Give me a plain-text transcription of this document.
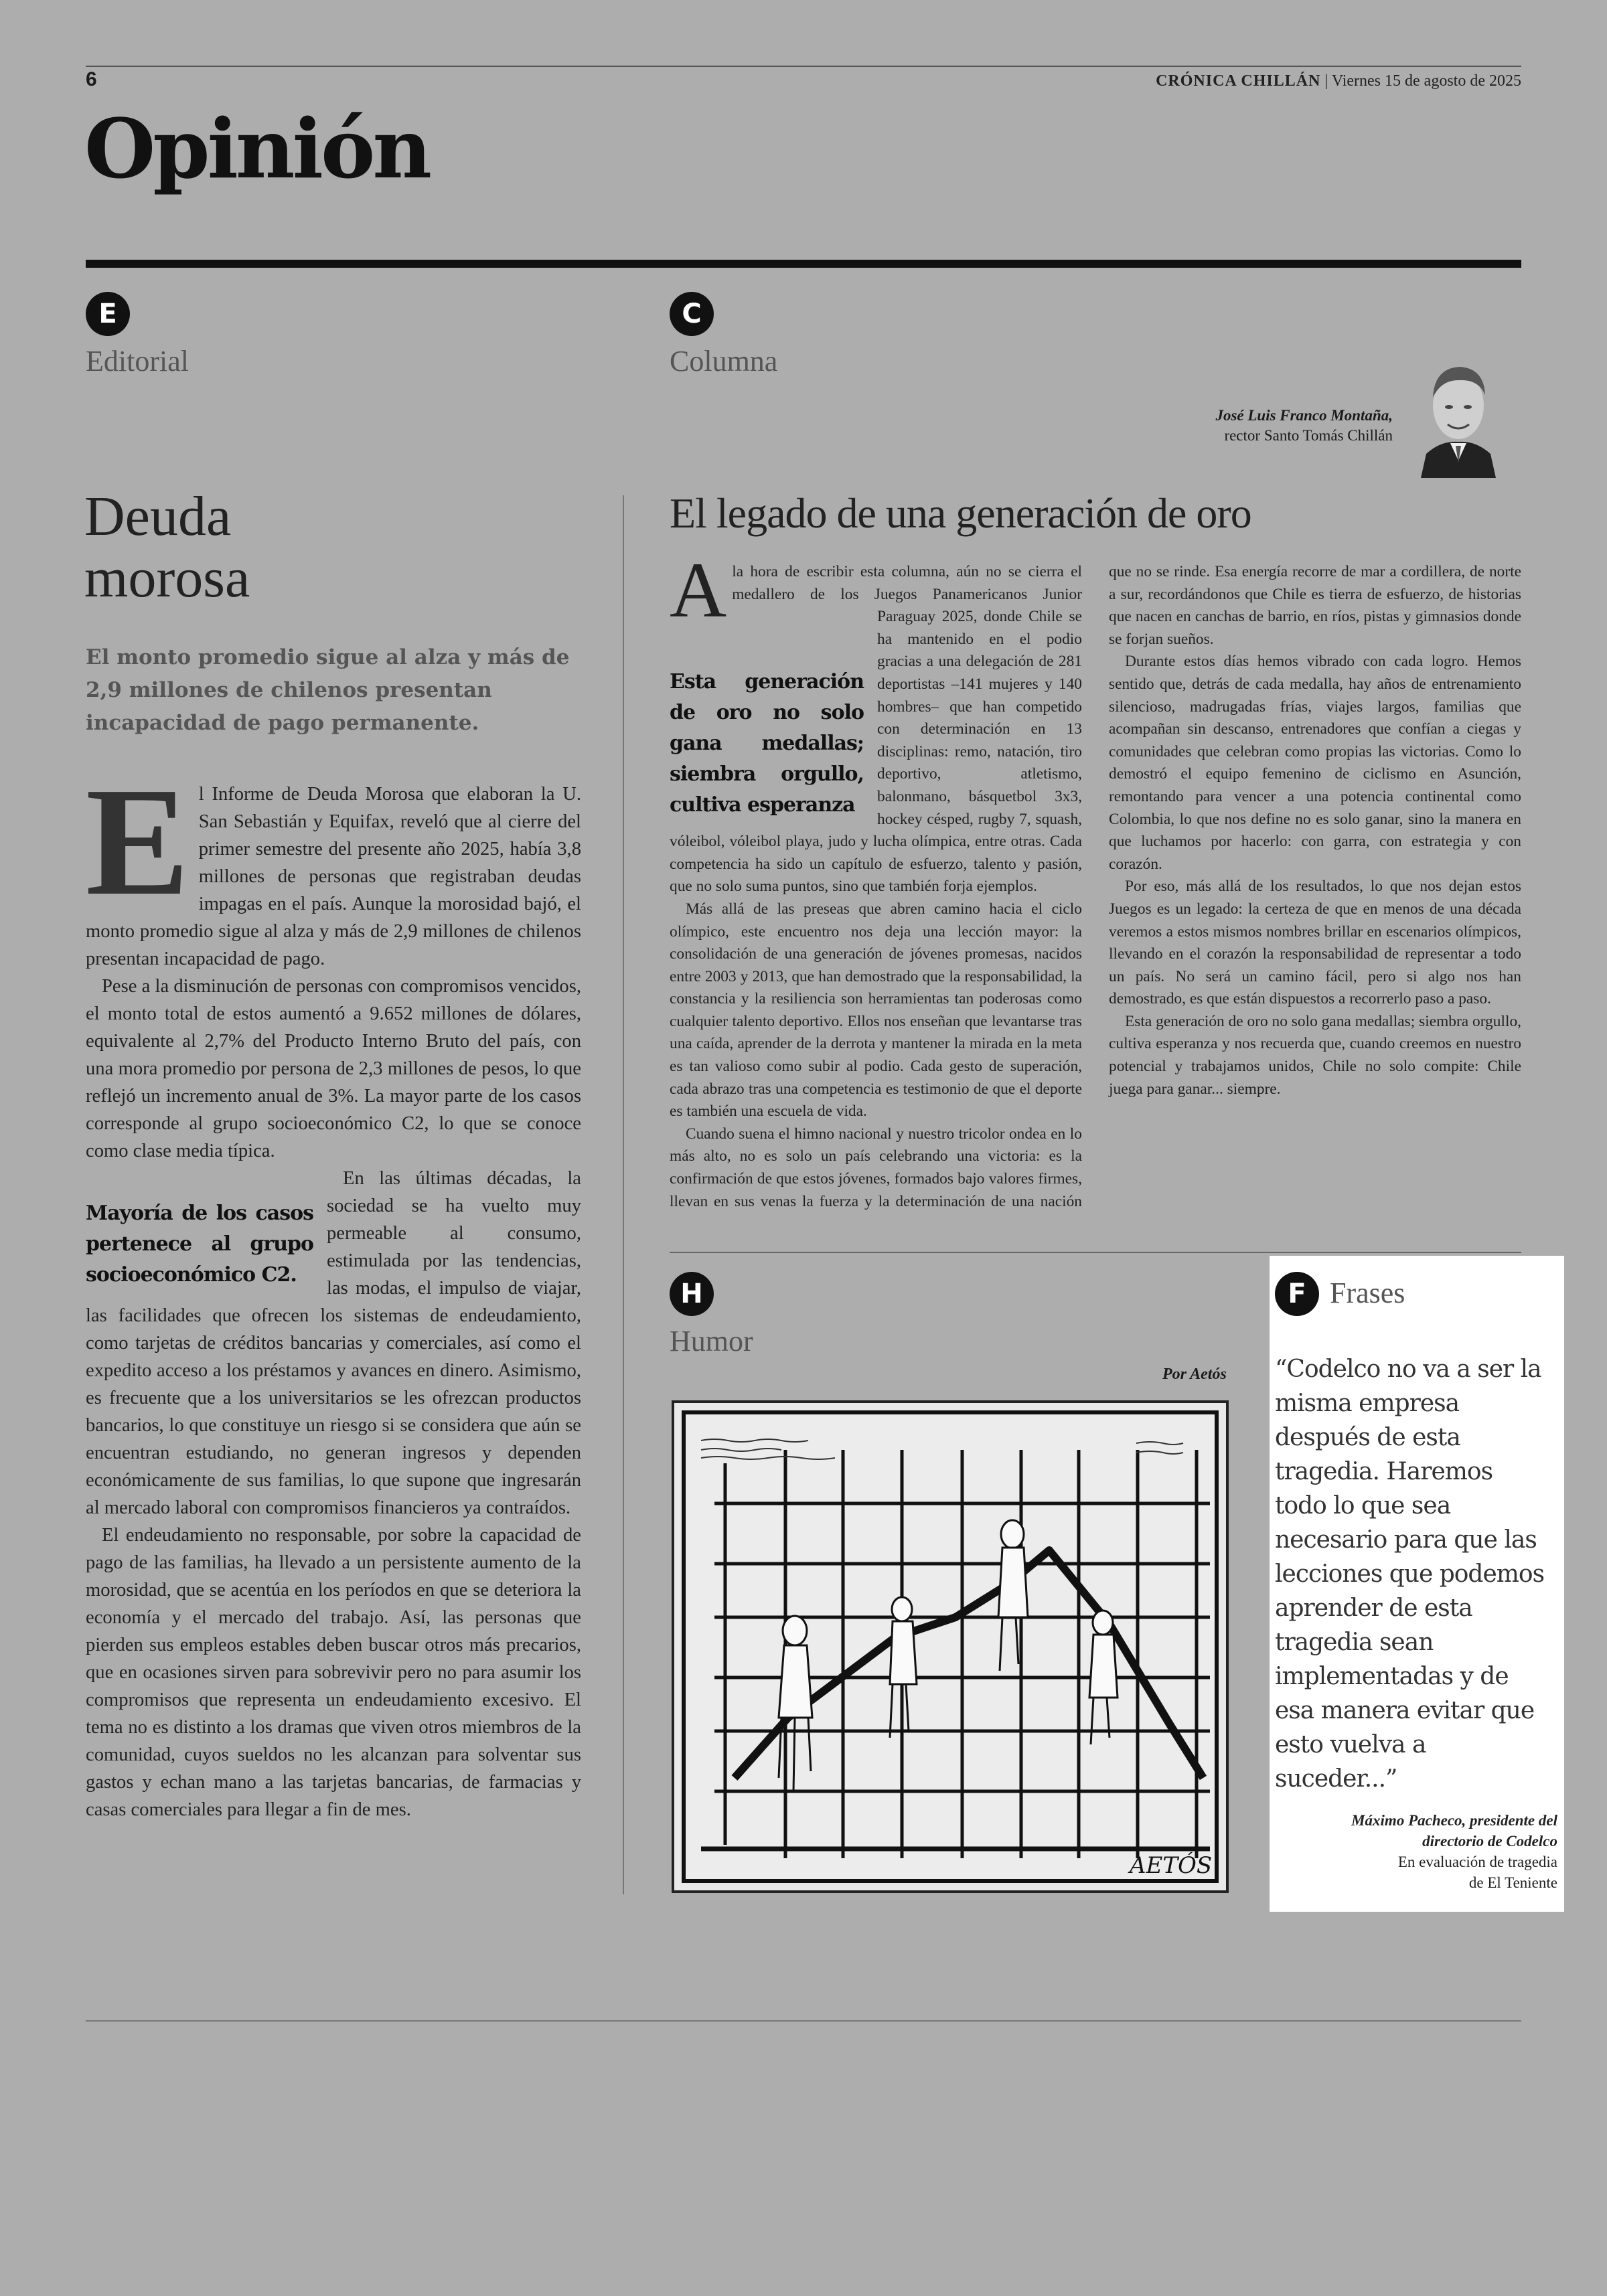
6	CRÓNICA CHILLÁN | Viernes 15 de agosto de 2025
Opinión
E
Editorial
C
Columna
José Luis Franco Montaña,
rector Santo Tomás Chillán
Deuda
morosa
El monto promedio sigue al alza y más de 2,9 millones de chilenos presentan incapacidad de pago permanente.

El Informe de Deuda Morosa que elaboran la U. San Sebastián y Equifax, reveló que al cierre del primer semestre del presente año 2025, había 3,8 millones de personas que registraban deudas impagas en el país. Aunque la morosidad bajó, el monto promedio sigue al alza y más de 2,9 millones de chilenos presentan incapacidad de pago.

Pese a la disminución de personas con compromisos vencidos, el monto total de estos aumentó a 9.652 millones de dólares, equivalente al 2,7% del Producto Interno Bruto del país, con una mora promedio por persona de 2,3 millones de pesos, lo que reflejó un incremento anual de 3%. La mayor parte de los casos corresponde al grupo socioeconómico C2, lo que se conoce como clase media típica.

Mayoría de los casos pertenece al grupo socioeconómico C2.
En las últimas décadas, la sociedad se ha vuelto muy permeable al consumo, estimulada por las tendencias, las modas, el impulso de viajar, las facilidades que ofrecen los sistemas de endeudamiento, como tarjetas de créditos bancarias y comerciales, así como el expedito acceso a los préstamos y avances en dinero. Asimismo, es frecuente que a los universitarios se les ofrezcan productos bancarios, lo que constituye un riesgo si se considera que aún se encuentran estudiando, no generan ingresos y dependen económicamente de sus familias, lo que supone que ingresarán al mercado laboral con compromisos financieros ya contraídos.

El endeudamiento no responsable, por sobre la capacidad de pago de las familias, ha llevado a un persistente aumento de la morosidad, que se acentúa en los períodos en que se deteriora la economía y el mercado del trabajo. Así, las personas que pierden sus empleos estables deben buscar otros más precarios, que en ocasiones sirven para sobrevivir pero no para asumir los compromisos que representa un endeudamiento excesivo. El tema no es distinto a los dramas que viven otros miembros de la comunidad, cuyos sueldos no les alcanzan para solventar sus gastos y echan mano a las tarjetas bancarias, de farmacias y casas comerciales para llegar a fin de mes.

El legado de una generación de oro

A
Esta generación de oro no solo gana medallas; siembra orgullo, cultiva esperanza
la hora de escribir esta columna, aún no se cierra el medallero de los Juegos Panamericanos Junior Paraguay 2025, donde Chile se ha mantenido en el podio gracias a una delegación de 281 deportistas –141 mujeres y 140 hombres– que han competido con determinación en 13 disciplinas: remo, natación, tiro deportivo, atletismo, balonmano, básquetbol 3x3, hockey césped, rugby 7, squash, vóleibol, vóleibol playa, judo y lucha olímpica, entre otras. Cada competencia ha sido un capítulo de esfuerzo, talento y pasión, que no solo suma puntos, sino que también forja ejemplos.

Más allá de las preseas que abren camino hacia el ciclo olímpico, este encuentro nos deja una lección mayor: la consolidación de una generación de jóvenes promesas, nacidos entre 2003 y 2013, que han demostrado que la responsabilidad, la constancia y la resiliencia son herramientas tan poderosas como cualquier talento deportivo. Ellos nos enseñan que levantarse tras una caída, aprender de la derrota y mantener la mirada en la meta es tan valioso como subir al podio. Cada gesto de superación, cada abrazo tras una competencia es testimonio de que el deporte es también una escuela de vida.

Cuando suena el himno nacional y nuestro tricolor ondea en lo más alto, no es solo un país celebrando una victoria: es la confirmación de que estos jóvenes, formados bajo valores firmes, llevan en sus venas la fuerza y la determinación de una nación que no se rinde. Esa energía recorre de mar a cordillera, de norte a sur, recordándonos que Chile es tierra de esfuerzo, de historias que nacen en canchas de barrio, en ríos, pistas y gimnasios donde se forjan sueños.

Durante estos días hemos vibrado con cada logro. Hemos sentido que, detrás de cada medalla, hay años de entrenamiento silencioso, madrugadas frías, viajes largos, familias que acompañan sin descanso, entrenadores que confían a ciegas y comunidades que celebran como propias las victorias. Como lo demostró el equipo femenino de ciclismo en Asunción, remontando para vencer a una potencia continental como Colombia, lo que nos define no es solo ganar, sino la manera en que luchamos por hacerlo: con garra, con estrategia y con corazón.

Por eso, más allá de los resultados, lo que nos dejan estos Juegos es un legado: la certeza de que en menos de una década veremos a estos mismos nombres brillar en escenarios olímpicos, llevando en el corazón la responsabilidad de representar a todo un país. No será un camino fácil, pero si algo nos han demostrado, es que están dispuestos a recorrerlo paso a paso.

Esta generación de oro no solo gana medallas; siembra orgullo, cultiva esperanza y nos recuerda que, cuando creemos en nuestro potencial y trabajamos unidos, Chile no solo compite: Chile juega para ganar... siempre.

H
Humor
Por Aetós
AETÓS
F Frases
“Codelco no va a ser la misma empresa después de esta tragedia. Haremos todo lo que sea necesario para que las lecciones que podemos aprender de esta tragedia sean implementadas y de esa manera evitar que esto vuelva a suceder...”
Máximo Pacheco, presidente del directorio de Codelco
En evaluación de tragedia
de El Teniente
